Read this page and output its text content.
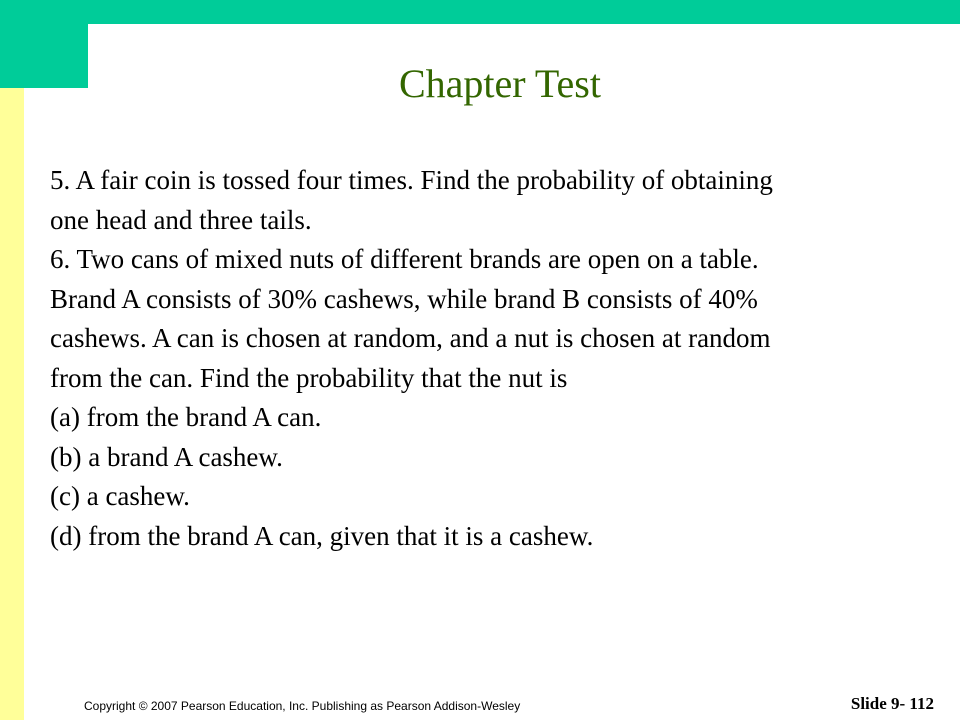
Chapter Test
5. A fair coin is tossed four times. Find the probability of obtaining
one head and three tails.
6. Two cans of mixed nuts of different brands are open on a table.
Brand A consists of 30% cashews, while brand B consists of 40%
cashews. A can is chosen at random, and a nut is chosen at random
from the can. Find the probability that the nut is
(a) from the brand A can.
(b) a brand A cashew.
(c) a cashew.
(d) from the brand A can, given that it is a cashew.
Copyright © 2007 Pearson Education, Inc. Publishing as Pearson Addison-Wesley	Slide 9- 112
